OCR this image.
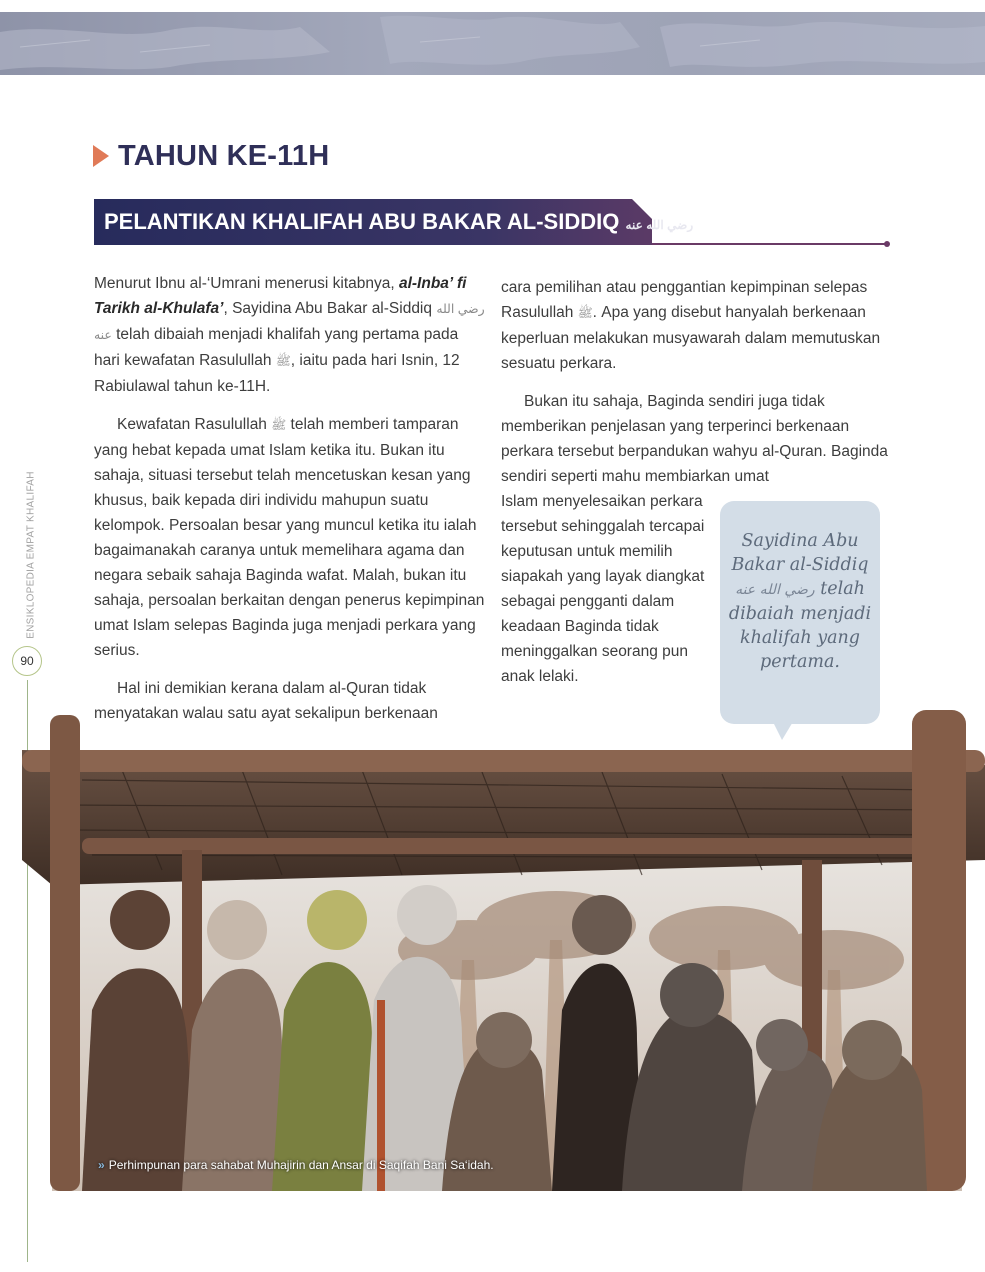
ENSIKLOPEDIA EMPAT KHALIFAH
90
TAHUN KE-11H
PELANTIKAN KHALIFAH ABU BAKAR AL-SIDDIQ رضي الله عنه

Menurut Ibnu al-‘Umrani menerusi kitabnya, al-Inba’ fi Tarikh al-Khulafa’, Sayidina Abu Bakar al-Siddiq رضي الله عنه telah dibaiah menjadi khalifah yang pertama pada hari kewafatan Rasulullah ﷺ, iaitu pada hari Isnin, 12 Rabiulawal tahun ke-11H.

Kewafatan Rasulullah ﷺ telah memberi tamparan yang hebat kepada umat Islam ketika itu. Bukan itu sahaja, situasi tersebut telah mencetuskan kesan yang khusus, baik kepada diri individu mahupun suatu kelompok. Persoalan besar yang muncul ketika itu ialah bagaimanakah caranya untuk memelihara agama dan negara sebaik sahaja Baginda wafat. Malah, bukan itu sahaja, persoalan berkaitan dengan penerus kepimpinan umat Islam selepas Baginda juga menjadi perkara yang serius.

Hal ini demikian kerana dalam al-Quran tidak menyatakan walau satu ayat sekalipun berkenaan

cara pemilihan atau penggantian kepimpinan selepas Rasulullah ﷺ. Apa yang disebut hanyalah berkenaan keperluan melakukan musyawarah dalam memutuskan sesuatu perkara.

Bukan itu sahaja, Baginda sendiri juga tidak memberikan penjelasan yang terperinci berkenaan perkara tersebut berpandukan wahyu al-Quran. Baginda sendiri seperti mahu membiarkan umat

Islam menyelesaikan perkara tersebut sehinggalah tercapai keputusan untuk memilih siapakah yang layak diangkat sebagai pengganti dalam keadaan Baginda tidak meninggalkan seorang pun anak lelaki.

Sayidina Abu Bakar al-Siddiq رضي الله عنه telah dibaiah menjadi khalifah yang pertama.
» Perhimpunan para sahabat Muhajirin dan Ansar di Saqifah Bani Sa‘idah.
